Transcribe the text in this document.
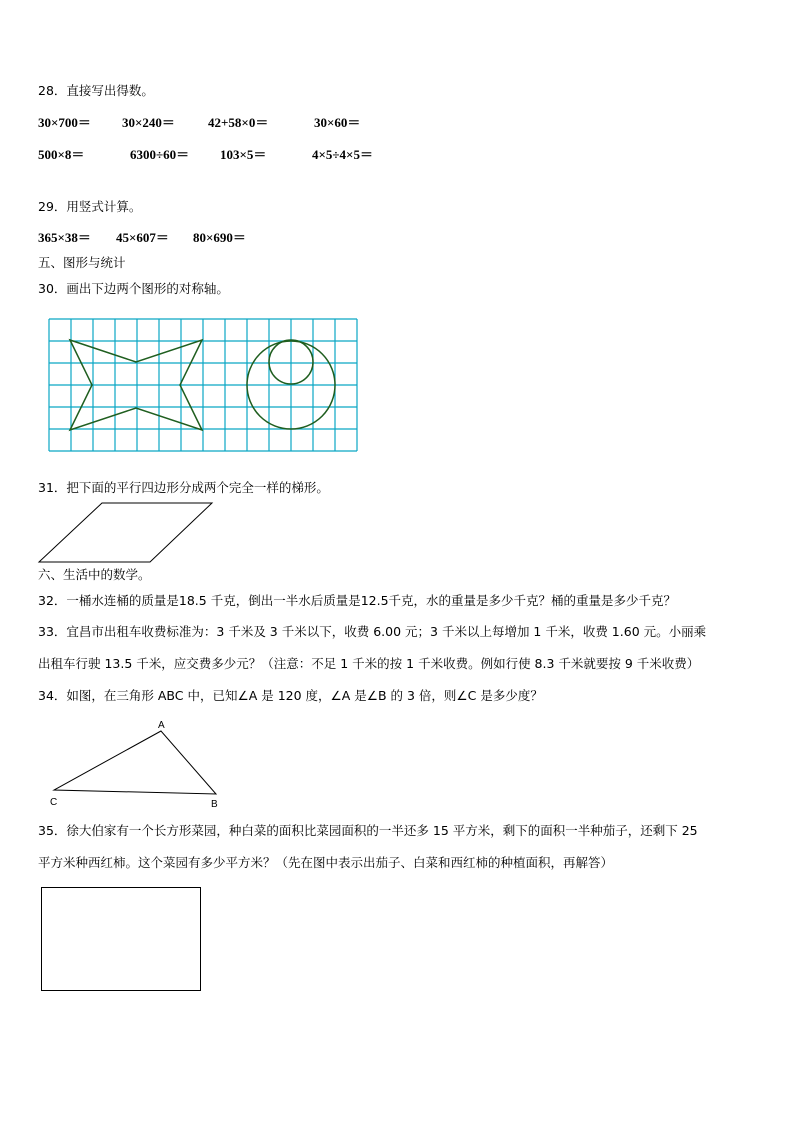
28．直接写出得数。
30×700＝ 30×240＝	42+58×0＝	30×60＝
500×8＝	6300÷60＝ 103×5＝	4×5÷4×5＝
29．用竖式计算。
365×38＝ 45×607＝ 80×690＝
五、图形与统计
30．画出下边两个图形的对称轴。
31．把下面的平行四边形分成两个完全一样的梯形。
六、生活中的数学。
32．一桶水连桶的质量是18.5 千克，倒出一半水后质量是12.5千克，水的重量是多少千克？桶的重量是多少千克？
33．宜昌市出租车收费标准为：3 千米及 3 千米以下，收费 6.00 元；3 千米以上每增加 1 千米，收费 1.60 元。小丽乘
出租车行驶 13.5 千米，应交费多少元？（注意：不足 1 千米的按 1 千米收费。例如行使 8.3 千米就要按 9 千米收费）
34．如图，在三角形 ABC 中，已知∠A 是 120 度，∠A 是∠B 的 3 倍，则∠C 是多少度？
A
C	B
35．徐大伯家有一个长方形菜园，种白菜的面积比菜园面积的一半还多 15 平方米，剩下的面积一半种茄子，还剩下 25
平方米种西红柿。这个菜园有多少平方米？（先在图中表示出茄子、白菜和西红柿的种植面积，再解答）
